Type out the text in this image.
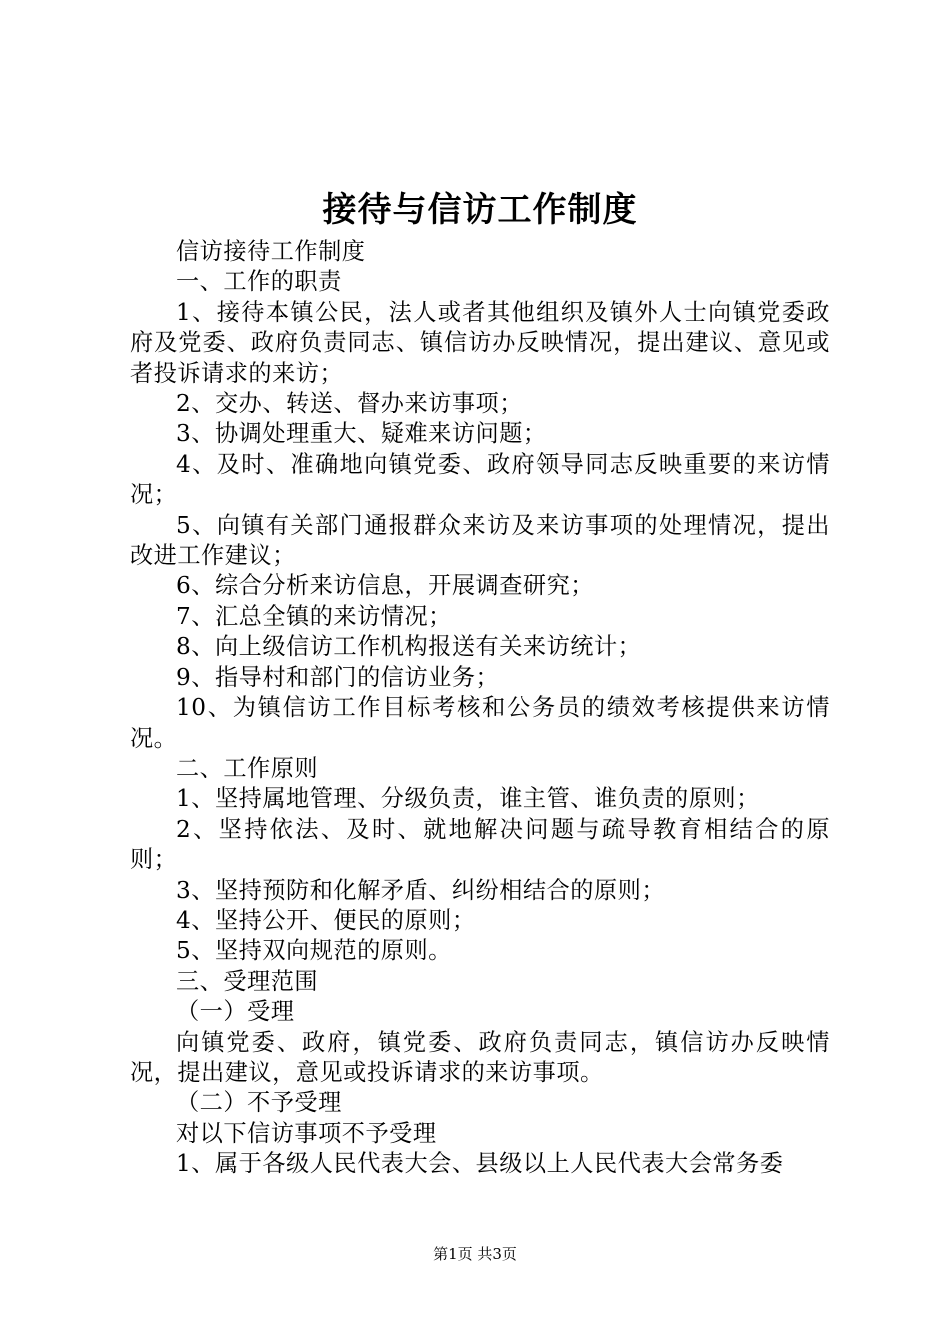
接待与信访工作制度

信访接待工作制度

一、工作的职责

1、接待本镇公民，法人或者其他组织及镇外人士向镇党委政府及党委、政府负责同志、镇信访办反映情况，提出建议、意见或者投诉请求的来访；

2、交办、转送、督办来访事项；

3、协调处理重大、疑难来访问题；

4、及时、准确地向镇党委、政府领导同志反映重要的来访情况；

5、向镇有关部门通报群众来访及来访事项的处理情况，提出改进工作建议；

6、综合分析来访信息，开展调查研究；

7、汇总全镇的来访情况；

8、向上级信访工作机构报送有关来访统计；

9、指导村和部门的信访业务；

10、为镇信访工作目标考核和公务员的绩效考核提供来访情况。

二、工作原则

1、坚持属地管理、分级负责，谁主管、谁负责的原则；

2、坚持依法、及时、就地解决问题与疏导教育相结合的原则；

3、坚持预防和化解矛盾、纠纷相结合的原则；

4、坚持公开、便民的原则；

5、坚持双向规范的原则。

三、受理范围

（一）受理

向镇党委、政府，镇党委、政府负责同志，镇信访办反映情况，提出建议，意见或投诉请求的来访事项。

（二）不予受理

对以下信访事项不予受理

1、属于各级人民代表大会、县级以上人民代表大会常务委

第1页 共3页
